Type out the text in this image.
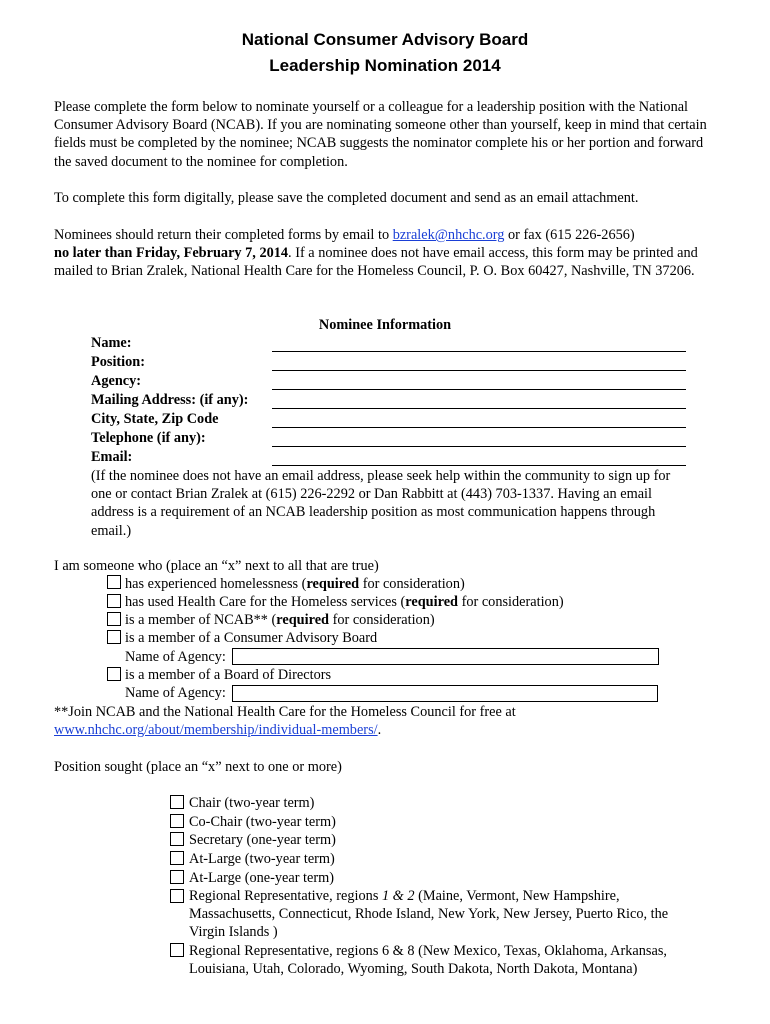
National Consumer Advisory Board
Leadership Nomination 2014
Please complete the form below to nominate yourself or a colleague for a leadership position with the National Consumer Advisory Board (NCAB). If you are nominating someone other than yourself, keep in mind that certain fields must be completed by the nominee; NCAB suggests the nominator complete his or her portion and forward the saved document to the nominee for completion.
To complete this form digitally, please save the completed document and send as an email attachment.
Nominees should return their completed forms by email to bzralek@nhchc.org or fax (615 226-2656)
no later than Friday, February 7, 2014. If a nominee does not have email access, this form may be printed and mailed to Brian Zralek, National Health Care for the Homeless Council, P. O. Box 60427, Nashville, TN 37206.
Nominee Information
Name:
Position:
Agency:
Mailing Address: (if any):
City, State, Zip Code
Telephone (if any):
Email:
(If the nominee does not have an email address, please seek help within the community to sign up for one or contact Brian Zralek at (615) 226-2292 or Dan Rabbitt at (443) 703-1337. Having an email address is a requirement of an NCAB leadership position as most communication happens through email.)
I am someone who (place an “x” next to all that are true)
has experienced homelessness (required for consideration)
has used Health Care for the Homeless services (required for consideration)
is a member of NCAB** (required for consideration)
is a member of a Consumer Advisory Board
Name of Agency:
is a member of a Board of Directors
Name of Agency:
**Join NCAB and the National Health Care for the Homeless Council for free at
www.nhchc.org/about/membership/individual-members/.
Position sought (place an “x” next to one or more)
Chair (two-year term)
Co-Chair (two-year term)
Secretary (one-year term)
At-Large (two-year term)
At-Large (one-year term)
Regional Representative, regions 1 & 2 (Maine, Vermont, New Hampshire, Massachusetts, Connecticut, Rhode Island, New York, New Jersey, Puerto Rico, the Virgin Islands )
Regional Representative, regions 6 & 8 (New Mexico, Texas, Oklahoma, Arkansas, Louisiana, Utah, Colorado, Wyoming, South Dakota, North Dakota, Montana)
